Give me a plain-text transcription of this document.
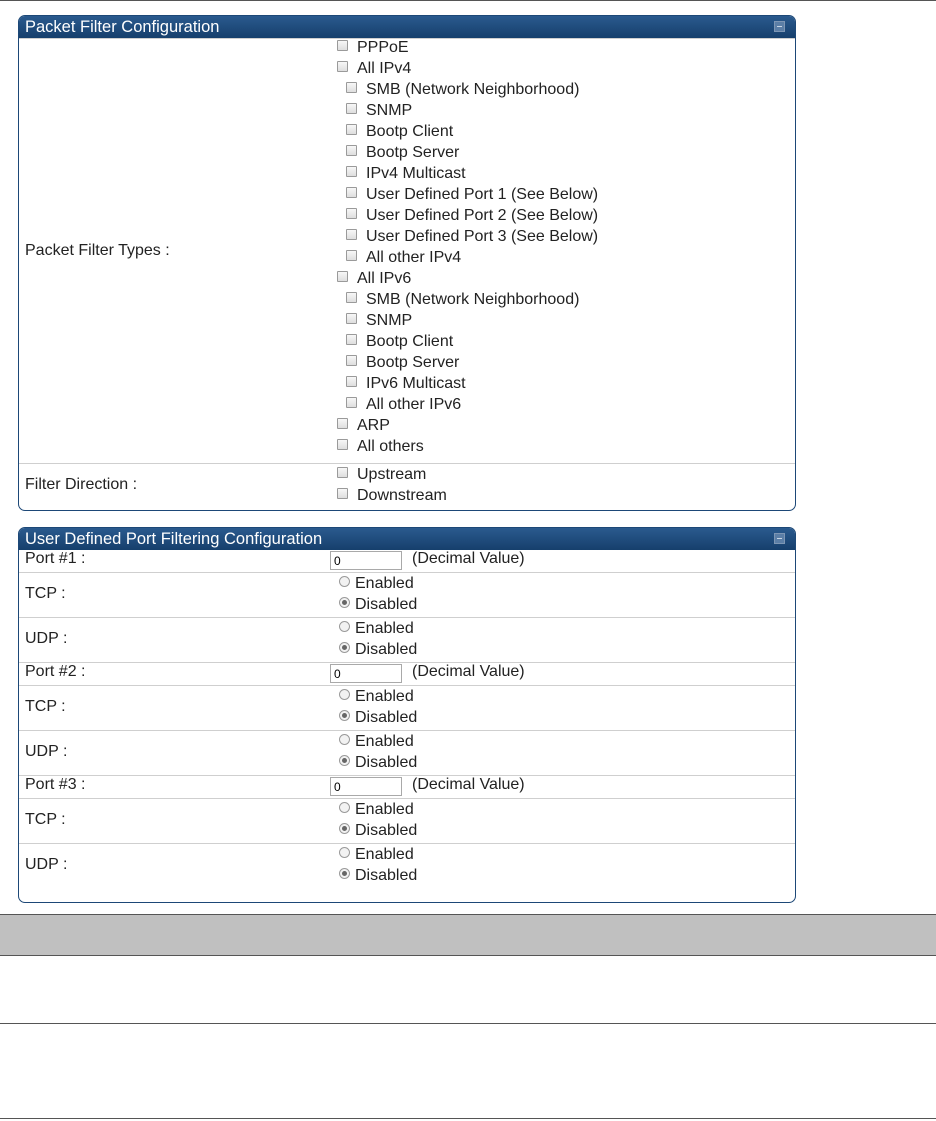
Packet Filter Configuration
Packet Filter Types :
PPPoE
All IPv4
SMB (Network Neighborhood)
SNMP
Bootp Client
Bootp Server
IPv4 Multicast
User Defined Port 1 (See Below)
User Defined Port 2 (See Below)
User Defined Port 3 (See Below)
All other IPv4
All IPv6
SMB (Network Neighborhood)
SNMP
Bootp Client
Bootp Server
IPv6 Multicast
All other IPv6
ARP
All others
Filter Direction :
Upstream
Downstream
User Defined Port Filtering Configuration
Port #1 :
0	(Decimal Value)
TCP :
Enabled
Disabled
UDP :
Enabled
Disabled
Port #2 :
0	(Decimal Value)
TCP :
Enabled
Disabled
UDP :
Enabled
Disabled
Port #3 :
0	(Decimal Value)
TCP :
Enabled
Disabled
UDP :
Enabled
Disabled
